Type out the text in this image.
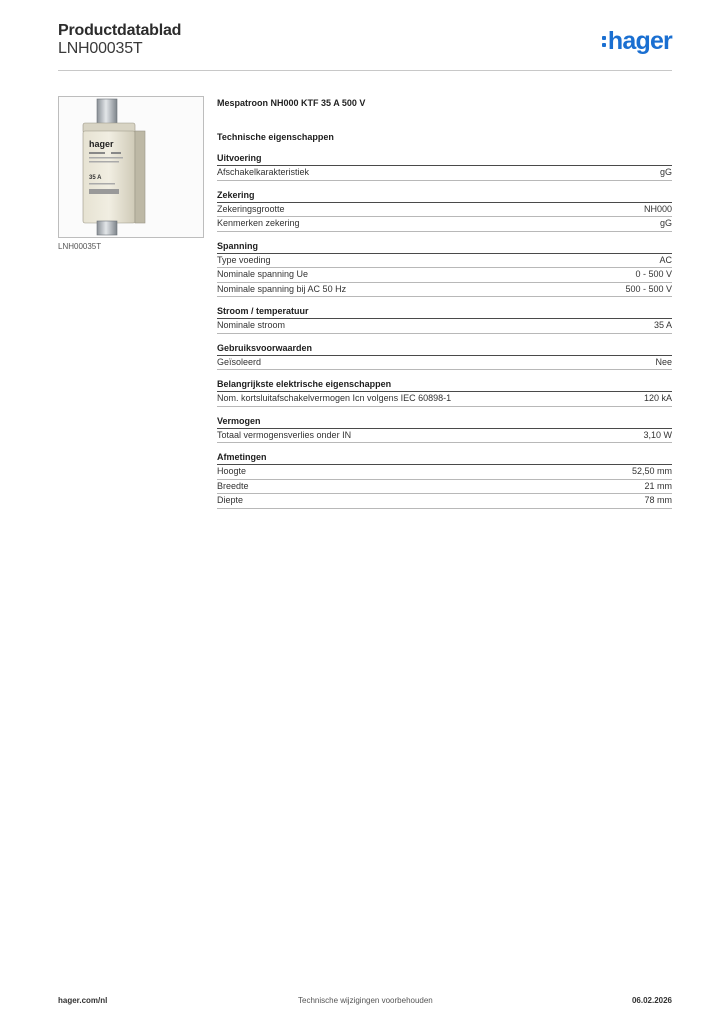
Productdatablad
LNH00035T	hager
hager
35 A
LNH00035T
Mespatroon NH000 KTF 35 A 500 V
Technische eigenschappen
Uitvoering
Afschakelkarakteristiek	gG
Zekering
Zekeringsgrootte	NH000
Kenmerken zekering	gG
Spanning
Type voeding	AC
Nominale spanning Ue	0 - 500 V
Nominale spanning bij AC 50 Hz	500 - 500 V
Stroom / temperatuur
Nominale stroom	35 A
Gebruiksvoorwaarden
Geïsoleerd	Nee
Belangrijkste elektrische eigenschappen
Nom. kortsluitafschakelvermogen Icn volgens IEC 60898-1	120 kA
Vermogen
Totaal vermogensverlies onder IN	3,10 W
Afmetingen
Hoogte	52,50 mm
Breedte	21 mm
Diepte	78 mm
hager.com/nl	Technische wijzigingen voorbehouden	06.02.2026
